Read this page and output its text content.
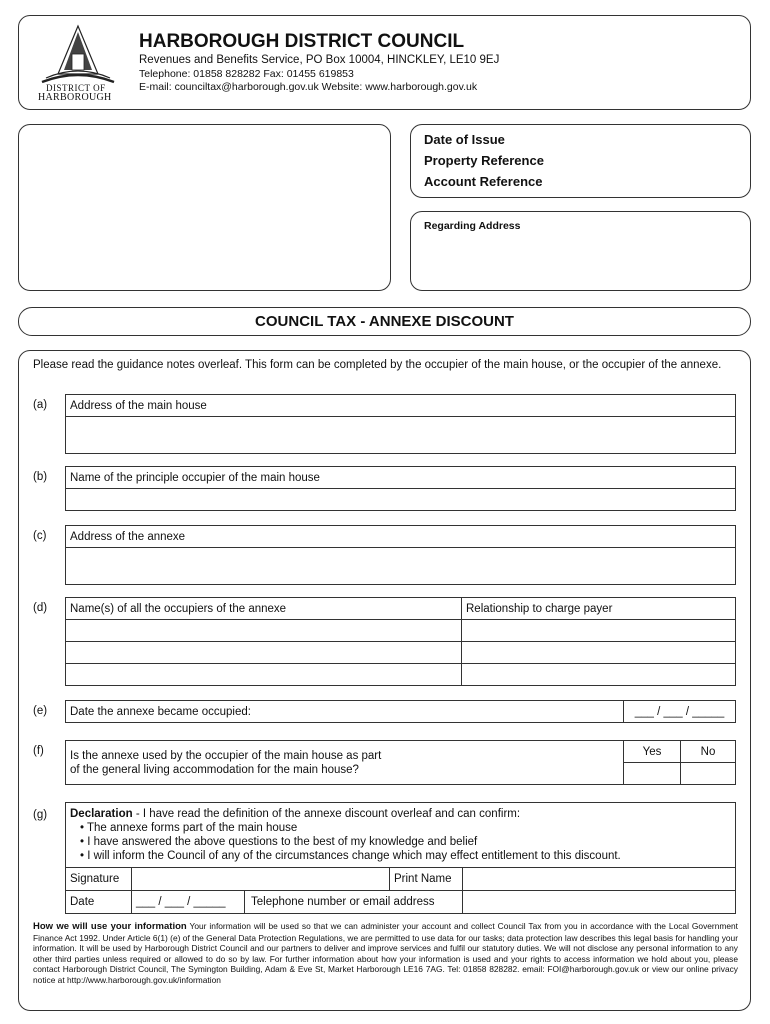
DISTRICT OF
HARBOROUGH
HARBOROUGH DISTRICT COUNCIL
Revenues and Benefits Service, PO Box 10004, HINCKLEY, LE10 9EJ
Telephone: 01858 828282 Fax: 01455 619853
E-mail: counciltax@harborough.gov.uk Website: www.harborough.gov.uk
Date of Issue
Property Reference
Account Reference
Regarding Address
COUNCIL TAX - ANNEXE DISCOUNT
Please read the guidance notes overleaf. This form can be completed by the occupier of the main house, or the occupier of the annexe.
(a) Address of the main house

(b) Name of the principle occupier of the main house

(c) Address of the annexe

(d) Name(s) of all the occupiers of the annexe	Relationship to charge payer

(e) Date the annexe became occupied:	___ / ___ / _____
(f) Is the annexe used by the occupier of the main house as part
of the general living accommodation for the main house?	Yes	No

(g) Declaration - I have read the definition of the annexe discount overleaf and can confirm:
• The annexe forms part of the main house
• I have answered the above questions to the best of my knowledge and belief
• I will inform the Council of any of the circumstances change which may effect entitlement to this discount.			

Signature		Print Name	
Date	___ / ___ / _____ Telephone number or email address		

How we will use your information Your information will be used so that we can administer your account and collect Council Tax from you in accordance with the Local Government Finance Act 1992. Under Article 6(1) (e) of the General Data Protection Regulations, we are permitted to use data for our tasks; data protection law describes this legal basis for handling your information. It will be used by Harborough District Council and our partners to deliver and improve services and fulfil our statutory duties. We will not disclose any personal information to any other third parties unless required or allowed to do so by law. For further information about how your information is used and your rights to access information we hold about you, please contact Harborough District Council, The Symington Building, Adam & Eve St, Market Harborough LE16 7AG. Tel: 01858 828282. email: FOI@harborough.gov.uk or view our online privacy notice at http://www.harborough.gov.uk/information
